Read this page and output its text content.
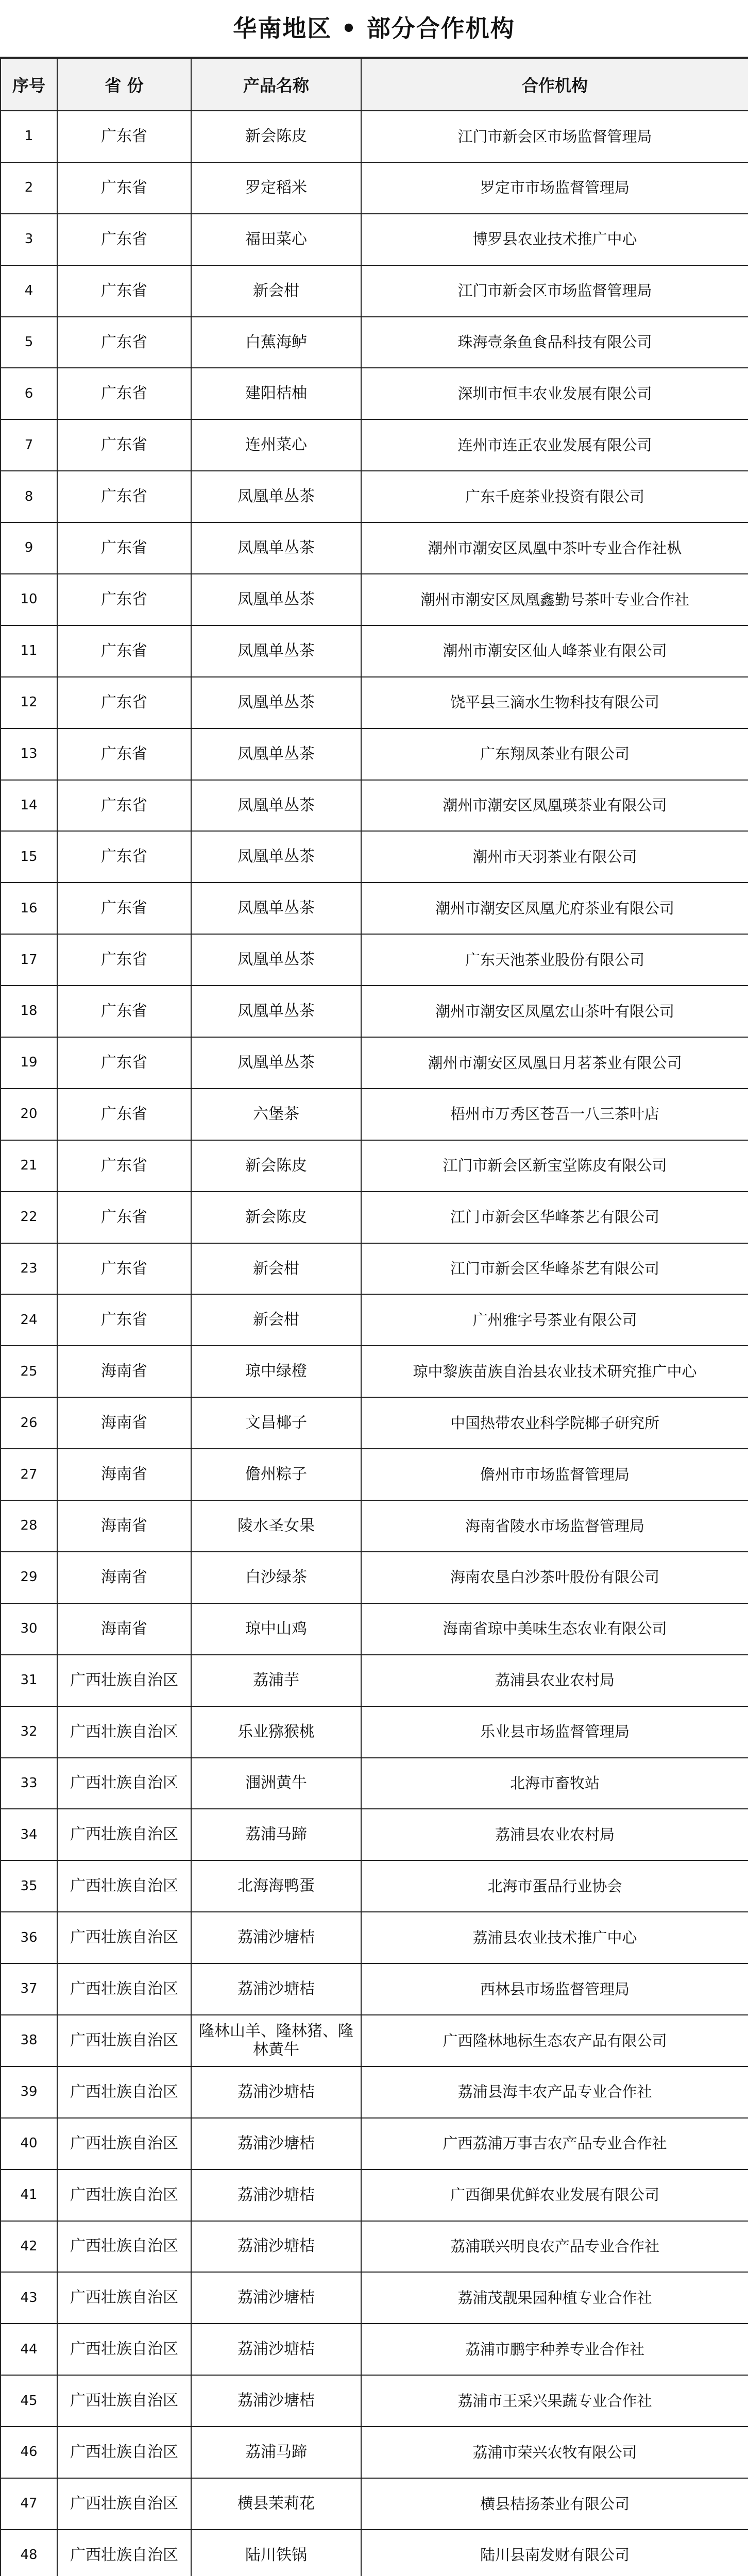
华南地区 • 部分合作机构
序号	省 份	产品名称	合作机构
1	广东省	新会陈皮	江门市新会区市场监督管理局
2	广东省	罗定稻米	罗定市市场监督管理局
3	广东省	福田菜心	博罗县农业技术推广中心
4	广东省	新会柑	江门市新会区市场监督管理局
5	广东省	白蕉海鲈	珠海壹条鱼食品科技有限公司
6	广东省	建阳桔柚	深圳市恒丰农业发展有限公司
7	广东省	连州菜心	连州市连正农业发展有限公司
8	广东省	凤凰单丛茶	广东千庭茶业投资有限公司
9	广东省	凤凰单丛茶	潮州市潮安区凤凰中茶叶专业合作社枞
10	广东省	凤凰单丛茶	潮州市潮安区凤凰鑫勤号茶叶专业合作社
11	广东省	凤凰单丛茶	潮州市潮安区仙人峰茶业有限公司
12	广东省	凤凰单丛茶	饶平县三滴水生物科技有限公司
13	广东省	凤凰单丛茶	广东翔凤茶业有限公司
14	广东省	凤凰单丛茶	潮州市潮安区凤凰瑛茶业有限公司
15	广东省	凤凰单丛茶	潮州市天羽茶业有限公司
16	广东省	凤凰单丛茶	潮州市潮安区凤凰尤府茶业有限公司
17	广东省	凤凰单丛茶	广东天池茶业股份有限公司
18	广东省	凤凰单丛茶	潮州市潮安区凤凰宏山茶叶有限公司
19	广东省	凤凰单丛茶	潮州市潮安区凤凰日月茗茶业有限公司
20	广东省	六堡茶	梧州市万秀区苍吾一八三茶叶店
21	广东省	新会陈皮	江门市新会区新宝堂陈皮有限公司
22	广东省	新会陈皮	江门市新会区华峰茶艺有限公司
23	广东省	新会柑	江门市新会区华峰茶艺有限公司
24	广东省	新会柑	广州雅字号茶业有限公司
25	海南省	琼中绿橙	琼中黎族苗族自治县农业技术研究推广中心
26	海南省	文昌椰子	中国热带农业科学院椰子研究所
27	海南省	儋州粽子	儋州市市场监督管理局
28	海南省	陵水圣女果	海南省陵水市场监督管理局
29	海南省	白沙绿茶	海南农垦白沙茶叶股份有限公司
30	海南省	琼中山鸡	海南省琼中美味生态农业有限公司
31	广西壮族自治区	荔浦芋	荔浦县农业农村局
32	广西壮族自治区	乐业猕猴桃	乐业县市场监督管理局
33	广西壮族自治区	涠洲黄牛	北海市畜牧站
34	广西壮族自治区	荔浦马蹄	荔浦县农业农村局
35	广西壮族自治区	北海海鸭蛋	北海市蛋品行业协会
36	广西壮族自治区	荔浦沙塘桔	荔浦县农业技术推广中心
37	广西壮族自治区	荔浦沙塘桔	西林县市场监督管理局
38	广西壮族自治区	隆林山羊、隆林猪、隆林黄牛	广西隆林地标生态农产品有限公司
39	广西壮族自治区	荔浦沙塘桔	荔浦县海丰农产品专业合作社
40	广西壮族自治区	荔浦沙塘桔	广西荔浦万事吉农产品专业合作社
41	广西壮族自治区	荔浦沙塘桔	广西御果优鲜农业发展有限公司
42	广西壮族自治区	荔浦沙塘桔	荔浦联兴明良农产品专业合作社
43	广西壮族自治区	荔浦沙塘桔	荔浦茂靓果园种植专业合作社
44	广西壮族自治区	荔浦沙塘桔	荔浦市鹏宇种养专业合作社
45	广西壮族自治区	荔浦沙塘桔	荔浦市王采兴果蔬专业合作社
46	广西壮族自治区	荔浦马蹄	荔浦市荣兴农牧有限公司
47	广西壮族自治区	横县茉莉花	横县桔扬茶业有限公司
48	广西壮族自治区	陆川铁锅	陆川县南发财有限公司
